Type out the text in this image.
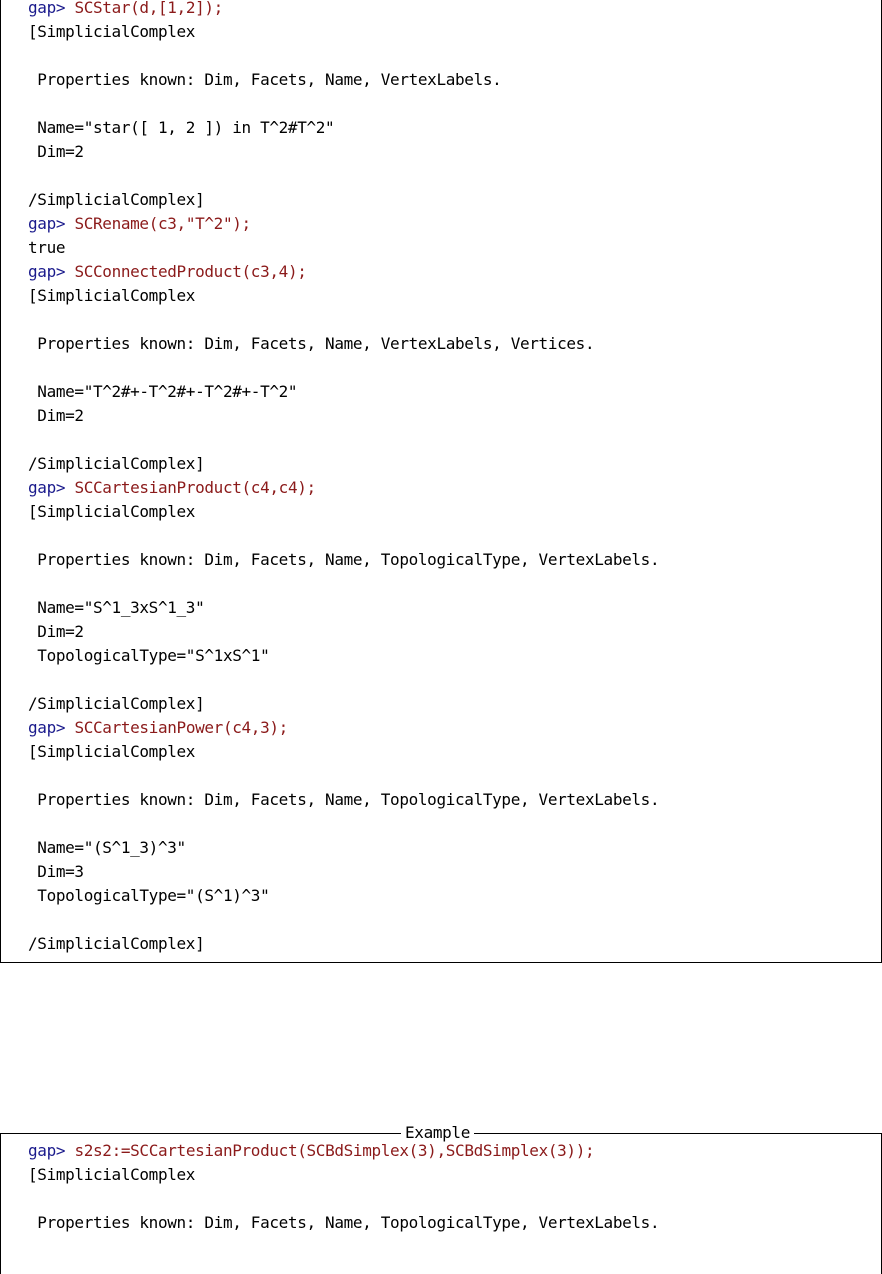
gap> SCStar(d,[1,2]);
[SimplicialComplex
Properties known: Dim, Facets, Name, VertexLabels.
Name="star([ 1, 2 ]) in T^2#T^2"
Dim=2
/SimplicialComplex]
gap> SCRename(c3,"T^2");
true
gap> SCConnectedProduct(c3,4);
[SimplicialComplex
Properties known: Dim, Facets, Name, VertexLabels, Vertices.
Name="T^2#+-T^2#+-T^2#+-T^2"
Dim=2
/SimplicialComplex]
gap> SCCartesianProduct(c4,c4);
[SimplicialComplex
Properties known: Dim, Facets, Name, TopologicalType, VertexLabels.
Name="S^1_3xS^1_3"
Dim=2
TopologicalType="S^1xS^1"
/SimplicialComplex]
gap> SCCartesianPower(c4,3);
[SimplicialComplex
Properties known: Dim, Facets, Name, TopologicalType, VertexLabels.
Name="(S^1_3)^3"
Dim=3
TopologicalType="(S^1)^3"
/SimplicialComplex]
Example
gap> s2s2:=SCCartesianProduct(SCBdSimplex(3),SCBdSimplex(3));
[SimplicialComplex
Properties known: Dim, Facets, Name, TopologicalType, VertexLabels.
